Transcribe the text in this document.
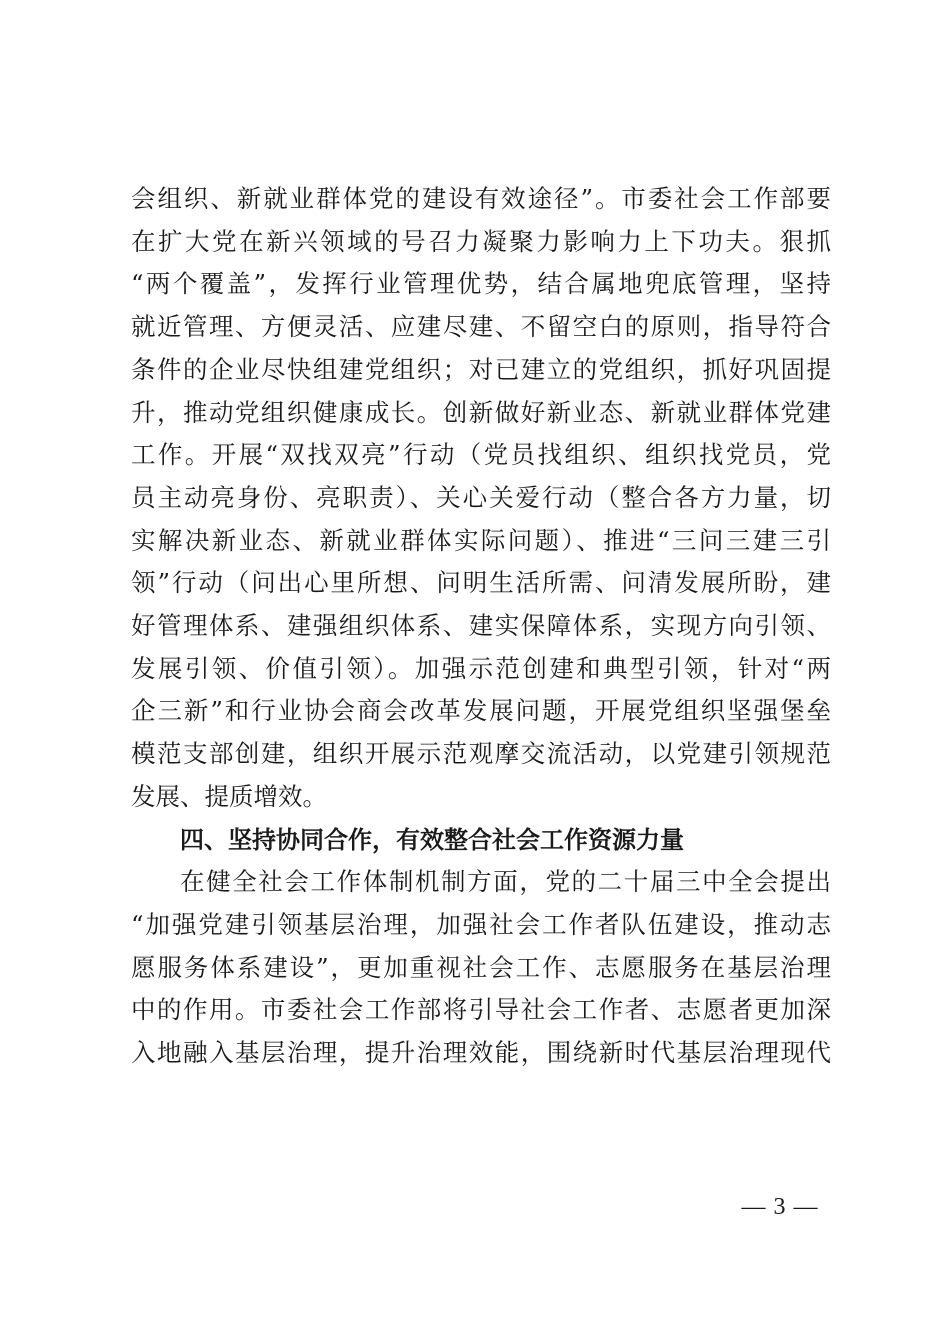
会组织、新就业群体党的建设有效途径”。市委社会工作部要
在扩大党在新兴领域的号召力凝聚力影响力上下功夫。狠抓
“两个覆盖”，发挥行业管理优势，结合属地兜底管理，坚持
就近管理、方便灵活、应建尽建、不留空白的原则，指导符合
条件的企业尽快组建党组织；对已建立的党组织，抓好巩固提
升，推动党组织健康成长。创新做好新业态、新就业群体党建
工作。开展“双找双亮”行动（党员找组织、组织找党员，党
员主动亮身份、亮职责）、关心关爱行动（整合各方力量，切
实解决新业态、新就业群体实际问题）、推进“三问三建三引
领”行动（问出心里所想、问明生活所需、问清发展所盼，建
好管理体系、建强组织体系、建实保障体系，实现方向引领、
发展引领、价值引领）。加强示范创建和典型引领，针对“两
企三新”和行业协会商会改革发展问题，开展党组织坚强堡垒
模范支部创建，组织开展示范观摩交流活动，以党建引领规范
发展、提质增效。
四、坚持协同合作，有效整合社会工作资源力量
在健全社会工作体制机制方面，党的二十届三中全会提出
“加强党建引领基层治理，加强社会工作者队伍建设，推动志
愿服务体系建设”，更加重视社会工作、志愿服务在基层治理
中的作用。市委社会工作部将引导社会工作者、志愿者更加深
入地融入基层治理，提升治理效能，围绕新时代基层治理现代
— 3 —
